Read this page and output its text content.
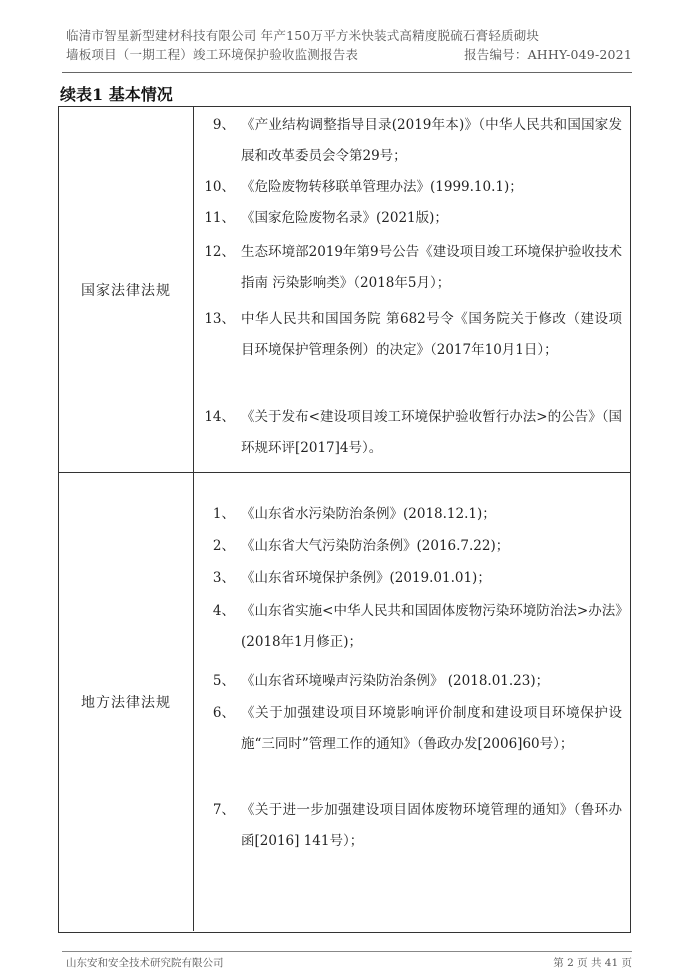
临清市智星新型建材科技有限公司 年产150万平方米快装式高精度脱硫石膏轻质砌块
墙板项目（一期工程）竣工环境保护验收监测报告表	报告编号：AHHY-049-2021
续表1 基本情况
国家法律法规
9、 《产业结构调整指导目录(2019年本)》（中华人民共和国国家发展和改革委员会令第29号；
10、 《危险废物转移联单管理办法》(1999.10.1)；
11、 《国家危险废物名录》(2021版)；
12、 生态环境部2019年第9号公告《建设项目竣工环境保护验收技术指南 污染影响类》（2018年5月）；
13、 中华人民共和国国务院 第682号令《国务院关于修改（建设项目环境保护管理条例）的决定》（2017年10月1日）；
14、 《关于发布<建设项目竣工环境保护验收暂行办法>的公告》（国环规环评[2017]4号）。
地方法律法规
1、 《山东省水污染防治条例》(2018.12.1)；
2、 《山东省大气污染防治条例》(2016.7.22)；
3、 《山东省环境保护条例》(2019.01.01)；
4、 《山东省实施<中华人民共和国固体废物污染环境防治法>办法》(2018年1月修正)；
5、 《山东省环境噪声污染防治条例》 (2018.01.23)；
6、 《关于加强建设项目环境影响评价制度和建设项目环境保护设施“三同时”管理工作的通知》（鲁政办发[2006]60号）；
7、 《关于进一步加强建设项目固体废物环境管理的通知》（鲁环办函[2016] 141号）；
山东安和安全技术研究院有限公司	第 2 页 共 41 页
